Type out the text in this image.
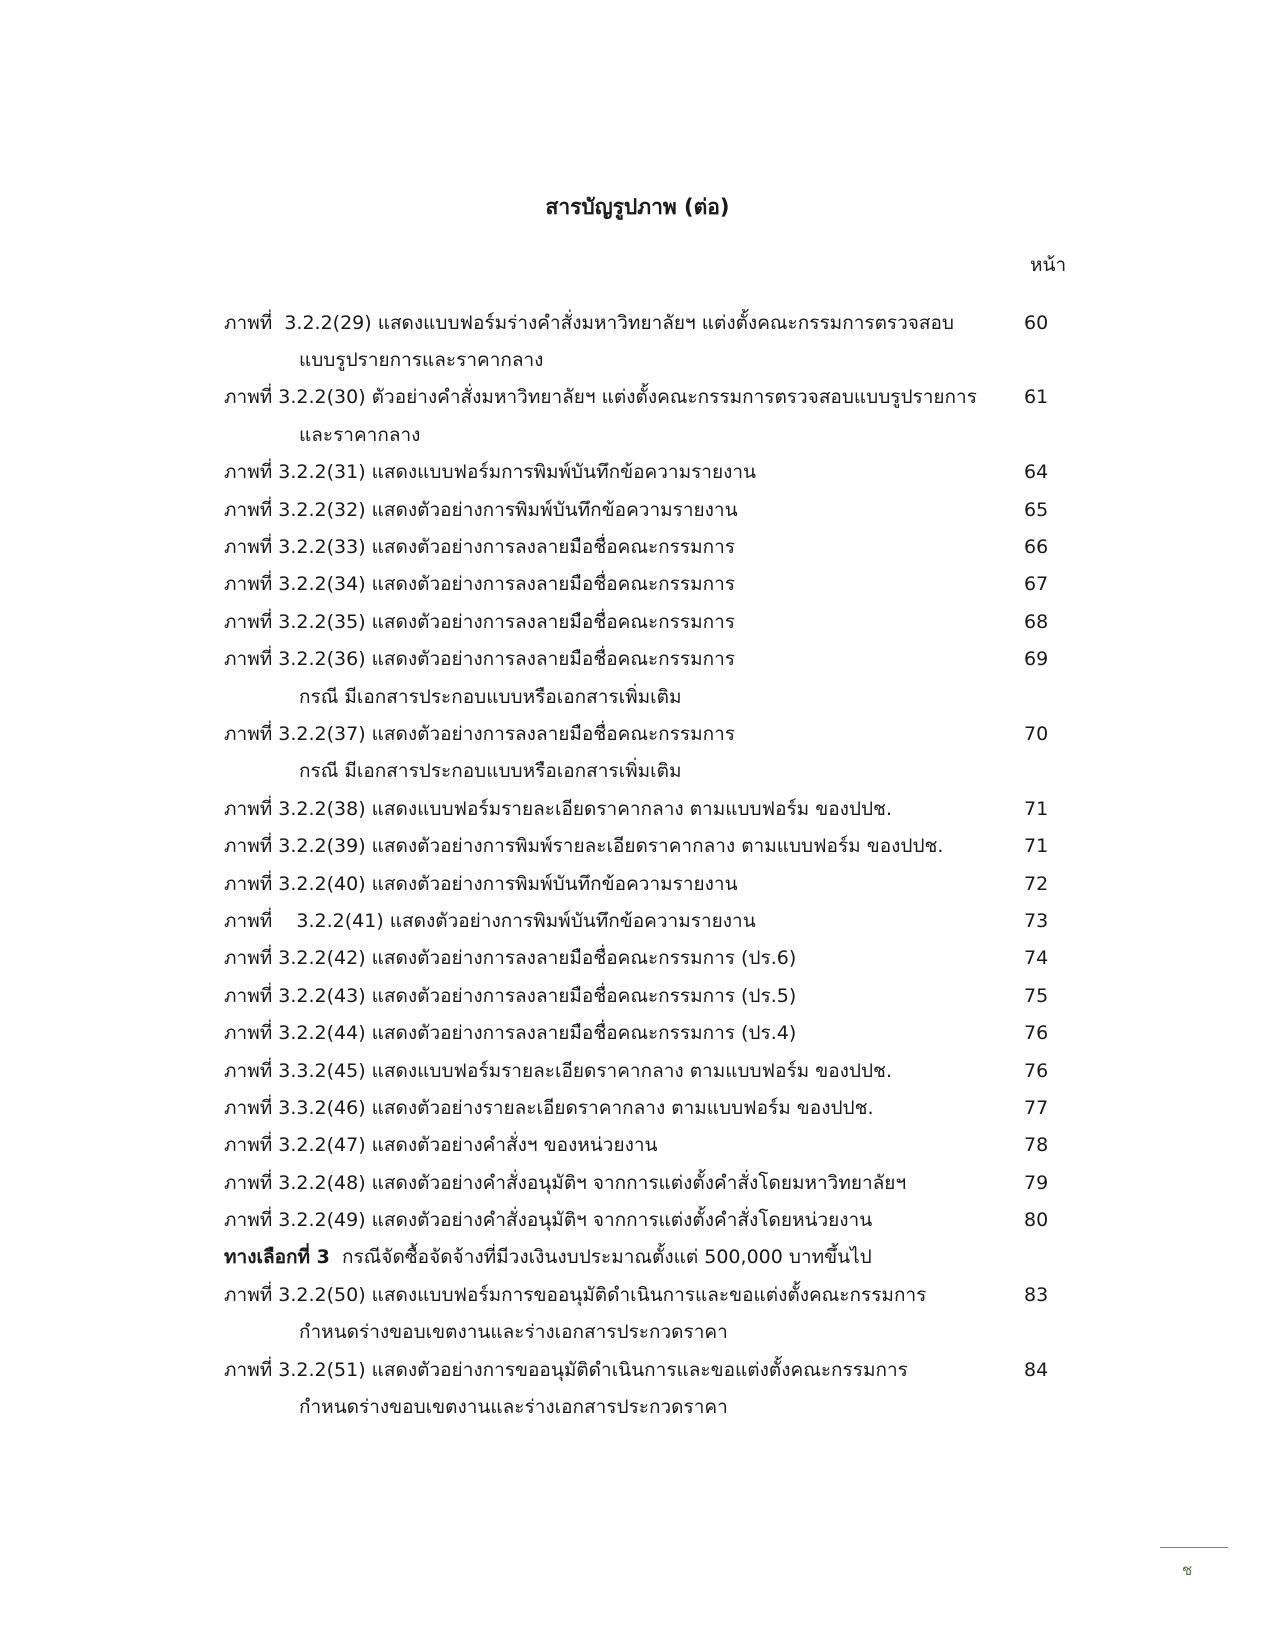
สารบัญรูปภาพ (ต่อ)
หน้า
ภาพที่ 3.2.2(29) แสดงแบบฟอร์มร่างคำสั่งมหาวิทยาลัยฯ แต่งตั้งคณะกรรมการตรวจสอบ	60
แบบรูปรายการและราคากลาง
ภาพที่ 3.2.2(30) ตัวอย่างคำสั่งมหาวิทยาลัยฯ แต่งตั้งคณะกรรมการตรวจสอบแบบรูปรายการ	61
และราคากลาง
ภาพที่ 3.2.2(31) แสดงแบบฟอร์มการพิมพ์บันทึกข้อความรายงาน	64
ภาพที่ 3.2.2(32) แสดงตัวอย่างการพิมพ์บันทึกข้อความรายงาน	65
ภาพที่ 3.2.2(33) แสดงตัวอย่างการลงลายมือชื่อคณะกรรมการ	66
ภาพที่ 3.2.2(34) แสดงตัวอย่างการลงลายมือชื่อคณะกรรมการ	67
ภาพที่ 3.2.2(35) แสดงตัวอย่างการลงลายมือชื่อคณะกรรมการ	68
ภาพที่ 3.2.2(36) แสดงตัวอย่างการลงลายมือชื่อคณะกรรมการ	69
กรณี มีเอกสารประกอบแบบหรือเอกสารเพิ่มเติม
ภาพที่ 3.2.2(37) แสดงตัวอย่างการลงลายมือชื่อคณะกรรมการ	70
กรณี มีเอกสารประกอบแบบหรือเอกสารเพิ่มเติม
ภาพที่ 3.2.2(38) แสดงแบบฟอร์มรายละเอียดราคากลาง ตามแบบฟอร์ม ของปปช.	71
ภาพที่ 3.2.2(39) แสดงตัวอย่างการพิมพ์รายละเอียดราคากลาง ตามแบบฟอร์ม ของปปช.	71
ภาพที่ 3.2.2(40) แสดงตัวอย่างการพิมพ์บันทึกข้อความรายงาน	72
ภาพที่ 3.2.2(41) แสดงตัวอย่างการพิมพ์บันทึกข้อความรายงาน	73
ภาพที่ 3.2.2(42) แสดงตัวอย่างการลงลายมือชื่อคณะกรรมการ (ปร.6)	74
ภาพที่ 3.2.2(43) แสดงตัวอย่างการลงลายมือชื่อคณะกรรมการ (ปร.5)	75
ภาพที่ 3.2.2(44) แสดงตัวอย่างการลงลายมือชื่อคณะกรรมการ (ปร.4)	76
ภาพที่ 3.3.2(45) แสดงแบบฟอร์มรายละเอียดราคากลาง ตามแบบฟอร์ม ของปปช.	76
ภาพที่ 3.3.2(46) แสดงตัวอย่างรายละเอียดราคากลาง ตามแบบฟอร์ม ของปปช.	77
ภาพที่ 3.2.2(47) แสดงตัวอย่างคำสั่งฯ ของหน่วยงาน	78
ภาพที่ 3.2.2(48) แสดงตัวอย่างคำสั่งอนุมัติฯ จากการแต่งตั้งคำสั่งโดยมหาวิทยาลัยฯ	79
ภาพที่ 3.2.2(49) แสดงตัวอย่างคำสั่งอนุมัติฯ จากการแต่งตั้งคำสั่งโดยหน่วยงาน	80
ทางเลือกที่ 3 กรณีจัดซื้อจัดจ้างที่มีวงเงินงบประมาณตั้งแต่ 500,000 บาทขึ้นไป
ภาพที่ 3.2.2(50) แสดงแบบฟอร์มการขออนุมัติดำเนินการและขอแต่งตั้งคณะกรรมการ	83
กำหนดร่างขอบเขตงานและร่างเอกสารประกวดราคา
ภาพที่ 3.2.2(51) แสดงตัวอย่างการขออนุมัติดำเนินการและขอแต่งตั้งคณะกรรมการ	84
กำหนดร่างขอบเขตงานและร่างเอกสารประกวดราคา
ช
